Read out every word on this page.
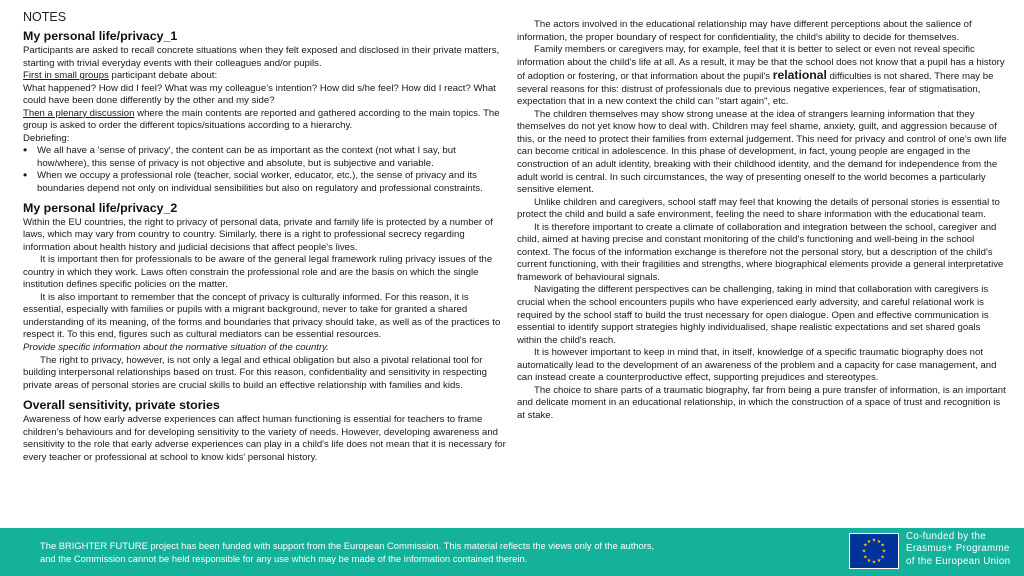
NOTES
My personal life/privacy_1

Participants are asked to recall concrete situations when they felt exposed and disclosed in their private matters, starting with trivial everyday events with their colleagues and/or pupils.

First in small groups participant debate about:

What happened? How did I feel? What was my colleague’s intention? How did s/he feel? How did I react? What could have been done differently by the other and my side?

Then a plenary discussion where the main contents are reported and gathered according to the main topics. The group is asked to order the different topics/situations according to a hierarchy.

Debriefing:

• We all have a 'sense of privacy', the content can be as important as the context (not what I say, but how/where), this sense of privacy is not objective and absolute, but is subjective and variable.
• When we occupy a professional role (teacher, social worker, educator, etc.), the sense of privacy and its boundaries depend not only on individual sensibilities but also on regulatory and professional constraints.
My personal life/privacy_2

Within the EU countries, the right to privacy of personal data, private and family life is protected by a number of laws, which may vary from country to country. Similarly, there is a right to professional secrecy regarding information about health history and judicial decisions that affect people's lives.

It is important then for professionals to be aware of the general legal framework ruling privacy issues of the country in which they work. Laws often constrain the professional role and are the basis on which the single institution defines specific policies on the matter.

It is also important to remember that the concept of privacy is culturally informed. For this reason, it is essential, especially with families or pupils with a migrant background, never to take for granted a shared understanding of its meaning, of the forms and boundaries that privacy should take, as well as of the practices to respect it. To this end, figures such as cultural mediators can be essential resources.

Provide specific information about the normative situation of the country.

The right to privacy, however, is not only a legal and ethical obligation but also a pivotal relational tool for building interpersonal relationships based on trust. For this reason, confidentiality and sensitivity in respecting private areas of personal stories are crucial skills to build an effective relationship with families and kids.

Overall sensitivity, private stories

Awareness of how early adverse experiences can affect human functioning is essential for teachers to frame children’s behaviours and for developing sensitivity to the variety of needs. However, developing awareness and sensitivity to the role that early adverse experiences can play in a child's life does not mean that it is necessary for every teacher or professional at school to know kids' personal history.

The actors involved in the educational relationship may have different perceptions about the salience of information, the proper boundary of respect for confidentiality, the child's ability to decide for themselves.

Family members or caregivers may, for example, feel that it is better to select or even not reveal specific information about the child's life at all. As a result, it may be that the school does not know that a pupil has a history of adoption or fostering, or that information about the pupil's relational difficulties is not shared. There may be several reasons for this: distrust of professionals due to previous negative experiences, fear of stigmatisation, expectation that in a new context the child can "start again", etc.

The children themselves may show strong unease at the idea of strangers learning information that they themselves do not yet know how to deal with. Children may feel shame, anxiety, guilt, and aggression because of this, or the need to protect their families from external judgement. This need for privacy and control of one’s own life can become critical in adolescence. In this phase of development, in fact, young people are engaged in the construction of an adult identity, breaking with their childhood identity, and the demand for independence from the adult world is central. In such circumstances, the way of presenting oneself to the world becomes a particularly sensitive element.

Unlike children and caregivers, school staff may feel that knowing the details of personal stories is essential to protect the child and build a safe environment, feeling the need to share information with the educational team.

It is therefore important to create a climate of collaboration and integration between the school, caregiver and child, aimed at having precise and constant monitoring of the child's functioning and well-being in the school context. The focus of the information exchange is therefore not the personal story, but a description of the child's current functioning, with their fragilities and strengths, where biographical elements provide a general interpretative framework of behavioural signals.

Navigating the different perspectives can be challenging, taking in mind that collaboration with caregivers is crucial when the school encounters pupils who have experienced early adversity, and careful relational work is required by the school staff to build the trust necessary for open dialogue. Open and effective communication is essential to identify support strategies highly individualised, shape realistic expectations and set shared goals within the child's reach.

It is however important to keep in mind that, in itself, knowledge of a specific traumatic biography does not automatically lead to the development of an awareness of the problem and a capacity for case management, and can instead create a counterproductive effect, supporting prejudices and stereotypes.

The choice to share parts of a traumatic biography, far from being a pure transfer of information, is an important and delicate moment in an educational relationship, in which the construction of a space of trust and recognition is at stake.

The BRIGHTER FUTURE project has been funded with support from the European Commission. This material reflects the views only of the authors,
and the Commission cannot be held responsible for any use which may be made of the information contained therein.
★ ★
★
★
★
★
★
★
★
★
★
★	Co-funded by the
Erasmus+ Programme
of the European Union
